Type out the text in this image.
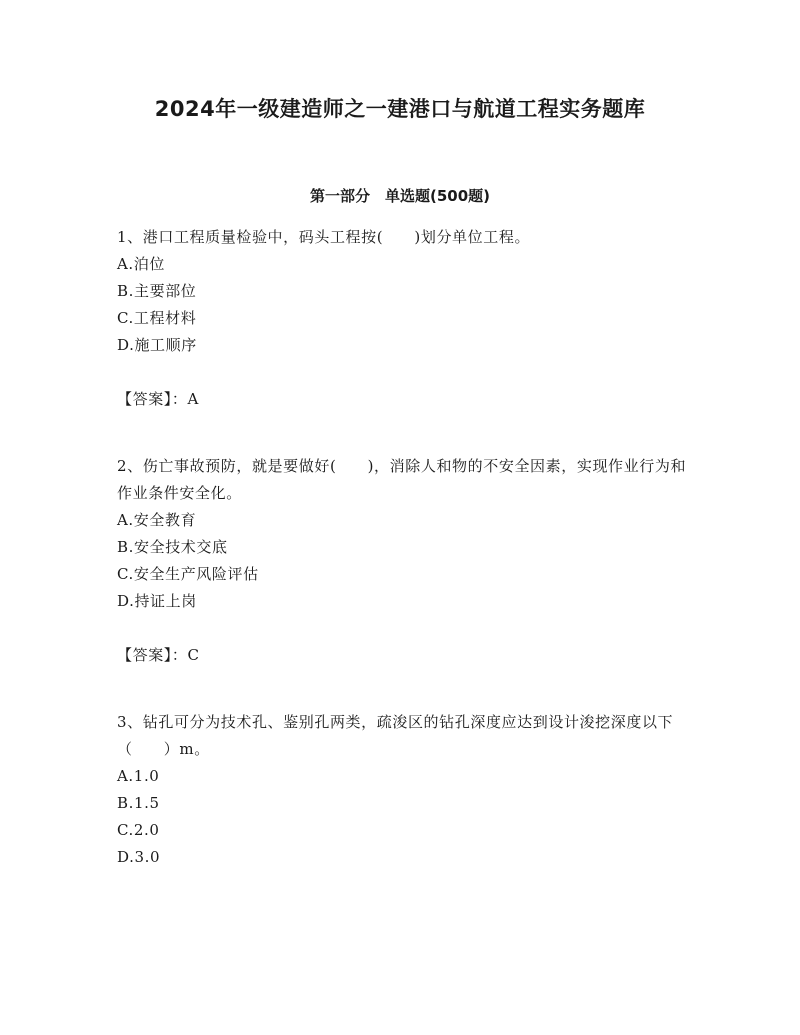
2024年一级建造师之一建港口与航道工程实务题库
第一部分　单选题(500题)

1、港口工程质量检验中，码头工程按(　　)划分单位工程。

A.泊位

B.主要部位

C.工程材料

D.施工顺序

【答案】：A

2、伤亡事故预防，就是要做好(　　)，消除人和物的不安全因素，实现作业行为和作业条件安全化。

A.安全教育

B.安全技术交底

C.安全生产风险评估

D.持证上岗

【答案】：C

3、钻孔可分为技术孔、鉴别孔两类，疏浚区的钻孔深度应达到设计浚挖深度以下（　　）m。

A.1.0

B.1.5

C.2.0

D.3.0
